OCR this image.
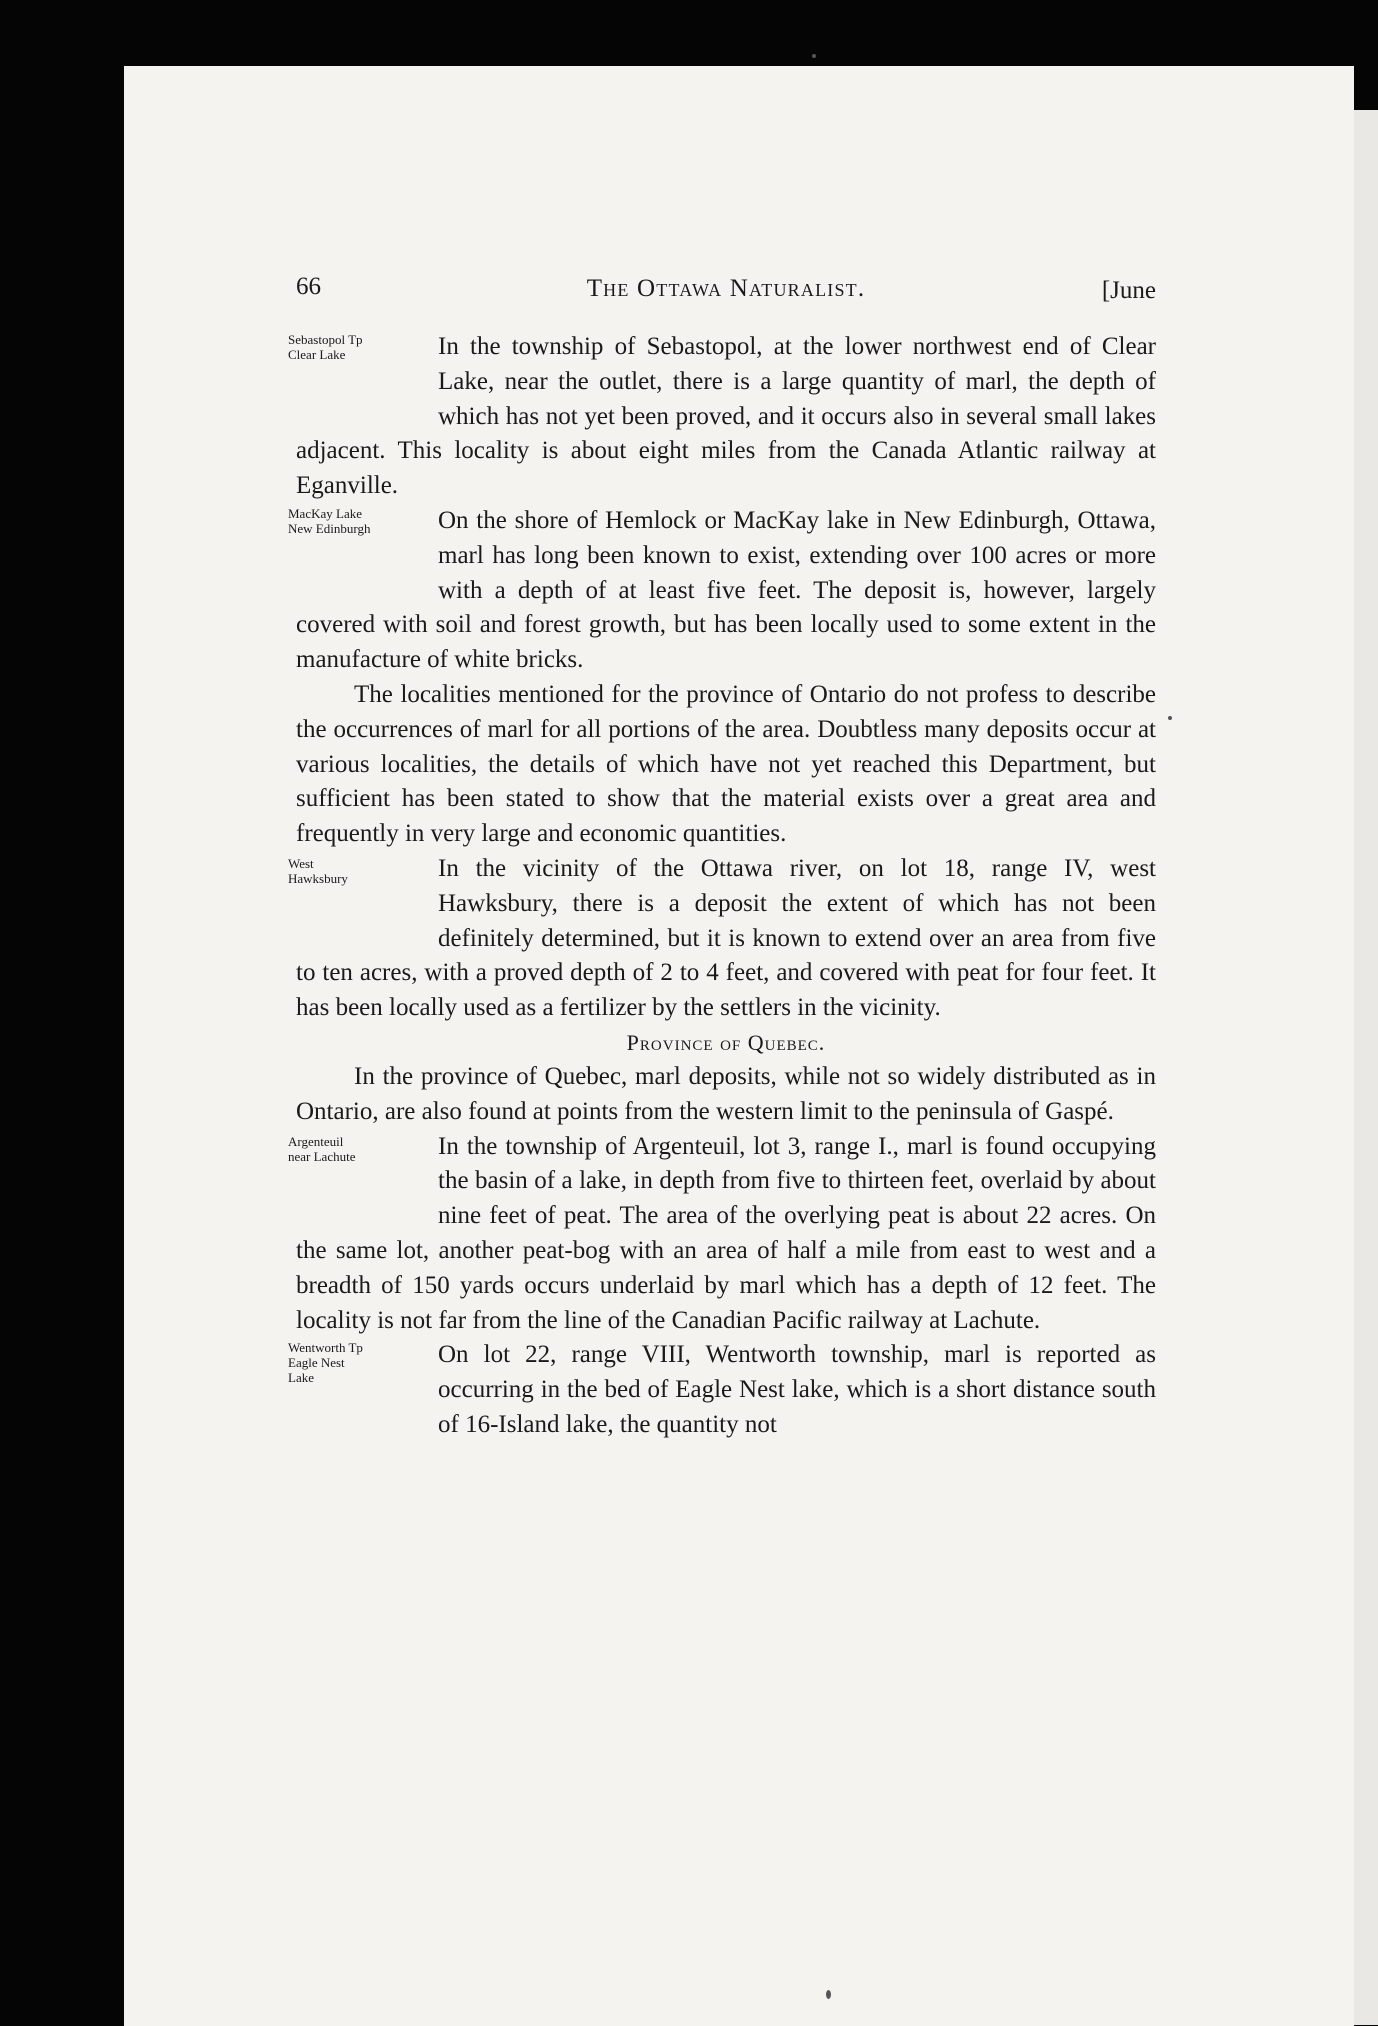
66	The Ottawa Naturalist.	[June
Sebastopol Tp
Clear Lake	In the township of Sebastopol, at the lower northwest end of Clear Lake, near the outlet, there is a large quantity of marl, the depth of which has not yet been proved, and it occurs also in several small lakes adjacent. This locality is about eight miles from the Canada Atlantic railway at Eganville.

MacKay Lake
New Edinburgh	On the shore of Hemlock or MacKay lake in New Edinburgh, Ottawa, marl has long been known to exist, extending over 100 acres or more with a depth of at least five feet. The deposit is, however, largely covered with soil and forest growth, but has been locally used to some extent in the manufacture of white bricks.

The localities mentioned for the province of Ontario do not profess to describe the occurrences of marl for all portions of the area. Doubtless many deposits occur at various localities, the details of which have not yet reached this Department, but sufficient has been stated to show that the material exists over a great area and frequently in very large and economic quantities.

West
Hawksbury	In the vicinity of the Ottawa river, on lot 18, range IV, west Hawksbury, there is a deposit the extent of which has not been definitely determined, but it is known to extend over an area from five to ten acres, with a proved depth of 2 to 4 feet, and covered with peat for four feet. It has been locally used as a fertilizer by the settlers in the vicinity.

Province of Quebec.

In the province of Quebec, marl deposits, while not so widely distributed as in Ontario, are also found at points from the western limit to the peninsula of Gaspé.

Argenteuil
near Lachute	In the township of Argenteuil, lot 3, range I., marl is found occupying the basin of a lake, in depth from five to thirteen feet, overlaid by about nine feet of peat. The area of the overlying peat is about 22 acres. On the same lot, another peat-bog with an area of half a mile from east to west and a breadth of 150 yards occurs underlaid by marl which has a depth of 12 feet. The locality is not far from the line of the Canadian Pacific railway at Lachute.

Wentworth Tp
Eagle Nest
Lake

On lot 22, range VIII, Wentworth township, marl is reported as occurring in the bed of Eagle Nest lake, which is a short distance south of 16-Island lake, the quantity not
